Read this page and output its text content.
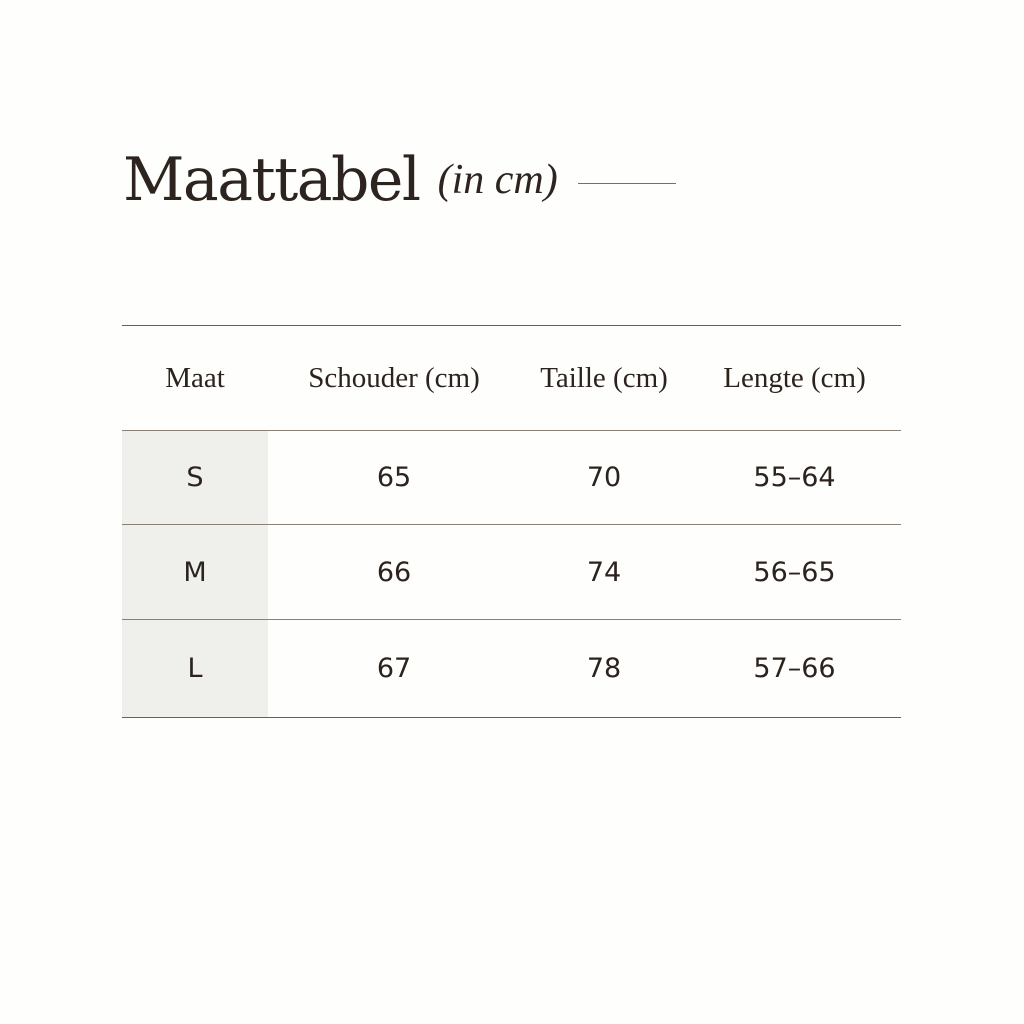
Maattabel (in cm)
Maat	Schouder (cm)	Taille (cm)	Lengte (cm)
S	65	70	55–64
M	66	74	56–65
L	67	78	57–66
